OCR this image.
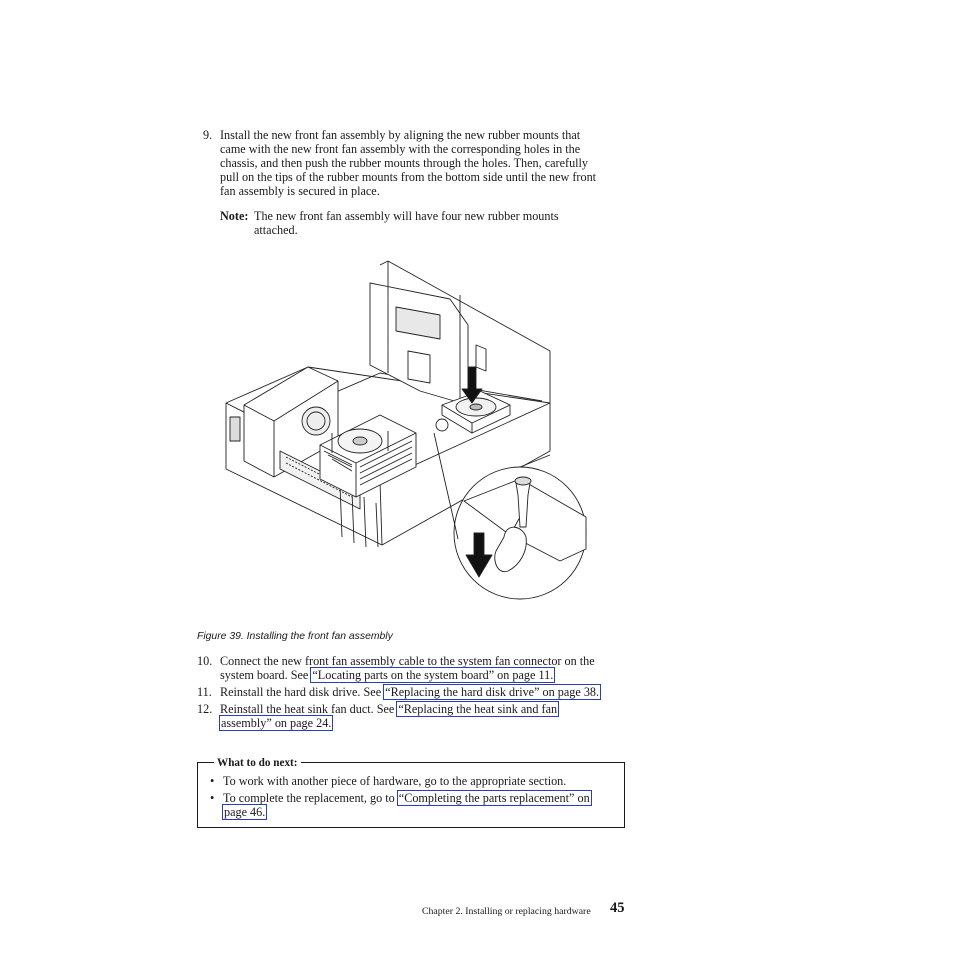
9. Install the new front fan assembly by aligning the new rubber mounts that
came with the new front fan assembly with the corresponding holes in the
chassis, and then push the rubber mounts through the holes. Then, carefully
pull on the tips of the rubber mounts from the bottom side until the new front
fan assembly is secured in place.
Note: The new front fan assembly will have four new rubber mounts
attached.
Figure 39. Installing the front fan assembly
10. Connect the new front fan assembly cable to the system fan connector on the
system board. See “Locating parts on the system board” on page 11.
11. Reinstall the hard disk drive. See “Replacing the hard disk drive” on page 38.
12. Reinstall the heat sink fan duct. See “Replacing the heat sink and fan
assembly” on page 24.
What to do next:
• To work with another piece of hardware, go to the appropriate section.
• To complete the replacement, go to “Completing the parts replacement” on
page 46.
Chapter 2. Installing or replacing hardware 45
